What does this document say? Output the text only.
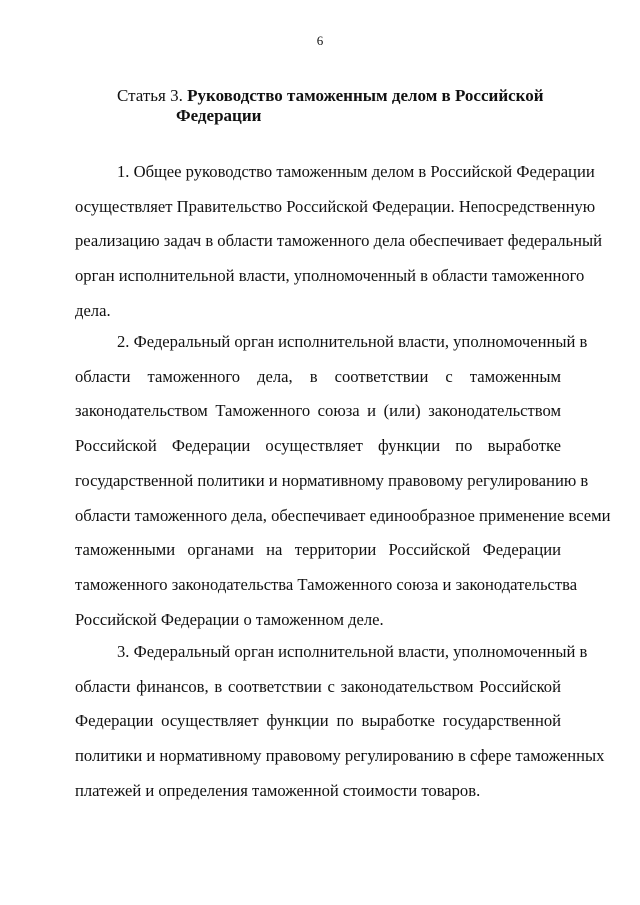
6
Статья 3. Руководство таможенным делом в Российской
Федерации
1. Общее руководство таможенным делом в Российской Федерации
осуществляет Правительство Российской Федерации. Непосредственную
реализацию задач в области таможенного дела обеспечивает федеральный
орган исполнительной власти, уполномоченный в области таможенного
дела.
2. Федеральный орган исполнительной власти, уполномоченный в
области таможенного дела, в соответствии с таможенным
законодательством Таможенного союза и (или) законодательством
Российской Федерации осуществляет функции по выработке
государственной политики и нормативному правовому регулированию в
области таможенного дела, обеспечивает единообразное применение всеми
таможенными органами на территории Российской Федерации
таможенного законодательства Таможенного союза и законодательства
Российской Федерации о таможенном деле.
3. Федеральный орган исполнительной власти, уполномоченный в
области финансов, в соответствии с законодательством Российской
Федерации осуществляет функции по выработке государственной
политики и нормативному правовому регулированию в сфере таможенных
платежей и определения таможенной стоимости товаров.
